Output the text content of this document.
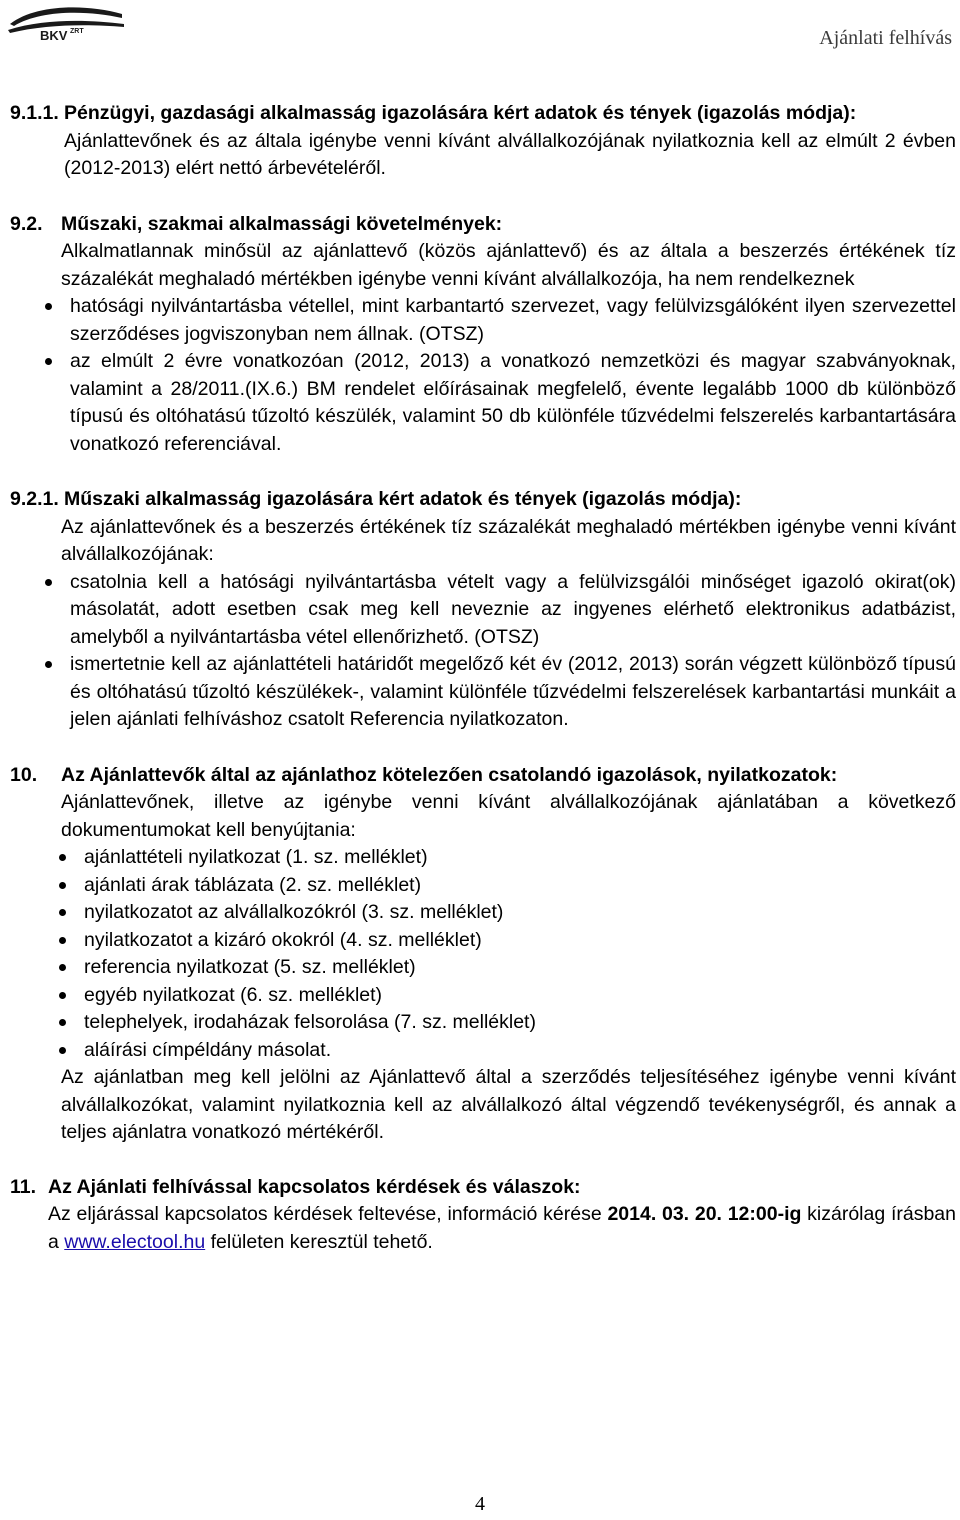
BKV ZRT	Ajánlati felhívás
9.1.1. Pénzügyi, gazdasági alkalmasság igazolására kért adatok és tények (igazolás módja):
Ajánlattevőnek és az általa igénybe venni kívánt alvállalkozójának nyilatkoznia kell az elmúlt 2 évben (2012-2013) elért nettó árbevételéről.
9.2. Műszaki, szakmai alkalmassági követelmények:
Alkalmatlannak minősül az ajánlattevő (közös ajánlattevő) és az általa a beszerzés értékének tíz százalékát meghaladó mértékben igénybe venni kívánt alvállalkozója, ha nem rendelkeznek
hatósági nyilvántartásba vétellel, mint karbantartó szervezet, vagy felülvizsgálóként ilyen szervezettel szerződéses jogviszonyban nem állnak. (OTSZ)
az elmúlt 2 évre vonatkozóan (2012, 2013) a vonatkozó nemzetközi és magyar szabványoknak, valamint a 28/2011.(IX.6.) BM rendelet előírásainak megfelelő, évente legalább 1000 db különböző típusú és oltóhatású tűzoltó készülék, valamint 50 db különféle tűzvédelmi felszerelés karbantartására vonatkozó referenciával.
9.2.1. Műszaki alkalmasság igazolására kért adatok és tények (igazolás módja):
Az ajánlattevőnek és a beszerzés értékének tíz százalékát meghaladó mértékben igénybe venni kívánt alvállalkozójának:
csatolnia kell a hatósági nyilvántartásba vételt vagy a felülvizsgálói minőséget igazoló okirat(ok) másolatát, adott esetben csak meg kell neveznie az ingyenes elérhető elektronikus adatbázist, amelyből a nyilvántartásba vétel ellenőrizhető. (OTSZ)
ismertetnie kell az ajánlattételi határidőt megelőző két év (2012, 2013) során végzett különböző típusú és oltóhatású tűzoltó készülékek-, valamint különféle tűzvédelmi felszerelések karbantartási munkáit a jelen ajánlati felhíváshoz csatolt Referencia nyilatkozaton.
10. Az Ajánlattevők által az ajánlathoz kötelezően csatolandó igazolások, nyilatkozatok:
Ajánlattevőnek, illetve az igénybe venni kívánt alvállalkozójának ajánlatában a következő dokumentumokat kell benyújtania:
ajánlattételi nyilatkozat (1. sz. melléklet)
ajánlati árak táblázata (2. sz. melléklet)
nyilatkozatot az alvállalkozókról (3. sz. melléklet)
nyilatkozatot a kizáró okokról (4. sz. melléklet)
referencia nyilatkozat (5. sz. melléklet)
egyéb nyilatkozat (6. sz. melléklet)
telephelyek, irodaházak felsorolása (7. sz. melléklet)
aláírási címpéldány másolat.
Az ajánlatban meg kell jelölni az Ajánlattevő által a szerződés teljesítéséhez igénybe venni kívánt alvállalkozókat, valamint nyilatkoznia kell az alvállalkozó által végzendő tevékenységről, és annak a teljes ajánlatra vonatkozó mértékéről.
11. Az Ajánlati felhívással kapcsolatos kérdések és válaszok:
Az eljárással kapcsolatos kérdések feltevése, információ kérése 2014. 03. 20. 12:00-ig kizárólag írásban a www.electool.hu felületen keresztül tehető.
4
